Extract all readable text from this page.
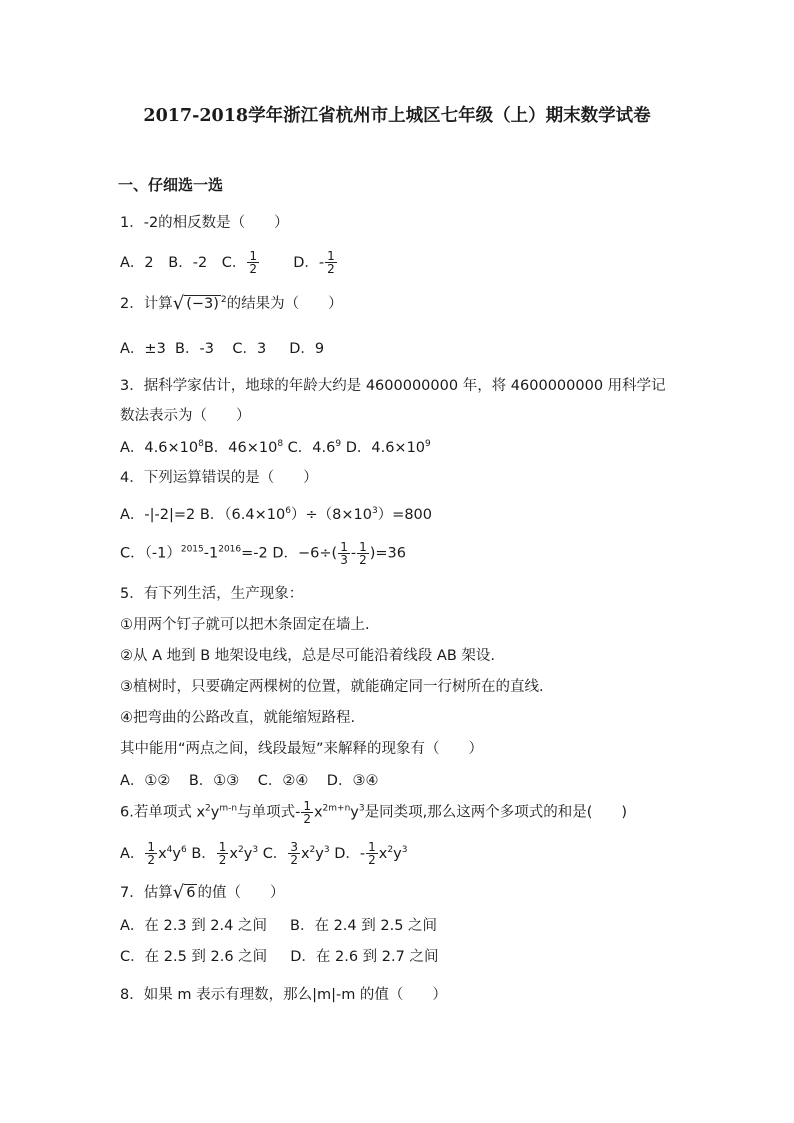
2017-2018学年浙江省杭州市上城区七年级（上）期末数学试卷
一、仔细选一选
1．-2的相反数是（　　）
A．2 B．-2 C． $\frac{1}{2}$ D．- $\frac{1}{2}$
2．计算 √ (−3) $^2$的结果为（　　）
A．±3  B．-3    C．3     D．9
3．据科学家估计，地球的年龄大约是 4600000000 年，将 4600000000 用科学记
数法表示为（　　）
A．$4.6\times 10^8B$．$46\times 10^8$ C．$4.6^9$ D．$4.6\times 10^9$
4．下列运算错误的是（　　）
A．-|-2|=2 B．$(6.4\times 10^6)\div(8\times 10^3)=800$
C．$(-1)^{2015}-1^{2016}=-2$ D．$-6\div( \frac{1}{3} - \frac{1}{2} )=36$
5．有下列生活，生产现象：
①用两个钉子就可以把木条固定在墙上.
②从 A 地到 B 地架设电线，总是尽可能沿着线段 AB 架设.
③植树时，只要确定两棵树的位置，就能确定同一行树所在的直线.
④把弯曲的公路改直，就能缩短路程.
其中能用“两点之间，线段最短”来解释的现象有（　　）
A．①②    B．①③    C．②④    D．③④
6.若单项式 $x^2y^{m-n}$与单项式- $\frac{1}{2} x^{2m+n}y^3$是同类项,那么这两个多项式的和是(　　)
A． $\frac{1}{2} x^4y^6$ B． $\frac{1}{2} x^2y^3$ C． $\frac{3}{2} x^2y^3$ D．- $\frac{1}{2} x^2y^3$
7．估算 √ 6 的值（　　）
A．在 2.3 到 2.4 之间     B．在 2.4 到 2.5 之间
C．在 2.5 到 2.6 之间     D．在 2.6 到 2.7 之间
8．如果 m 表示有理数，那么|m|-m 的值（　　）
